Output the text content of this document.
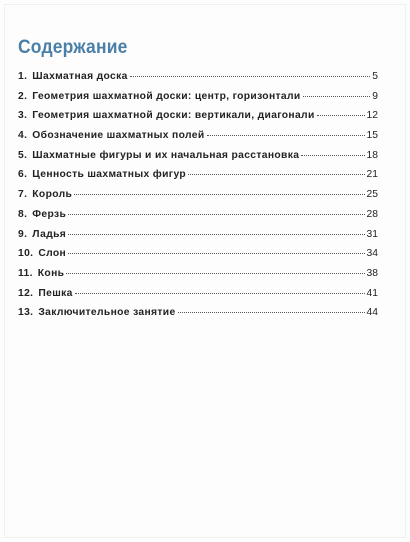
Содержание
1. Шахматная доска	5
2. Геометрия шахматной доски: центр, горизонтали	9
3. Геометрия шахматной доски: вертикали, диагонали	12
4. Обозначение шахматных полей	15
5. Шахматные фигуры и их начальная расстановка	18
6. Ценность шахматных фигур	21
7. Король	25
8. Ферзь	28
9. Ладья	31
10. Слон	34
11. Конь	38
12. Пешка	41
13. Заключительное занятие	44
